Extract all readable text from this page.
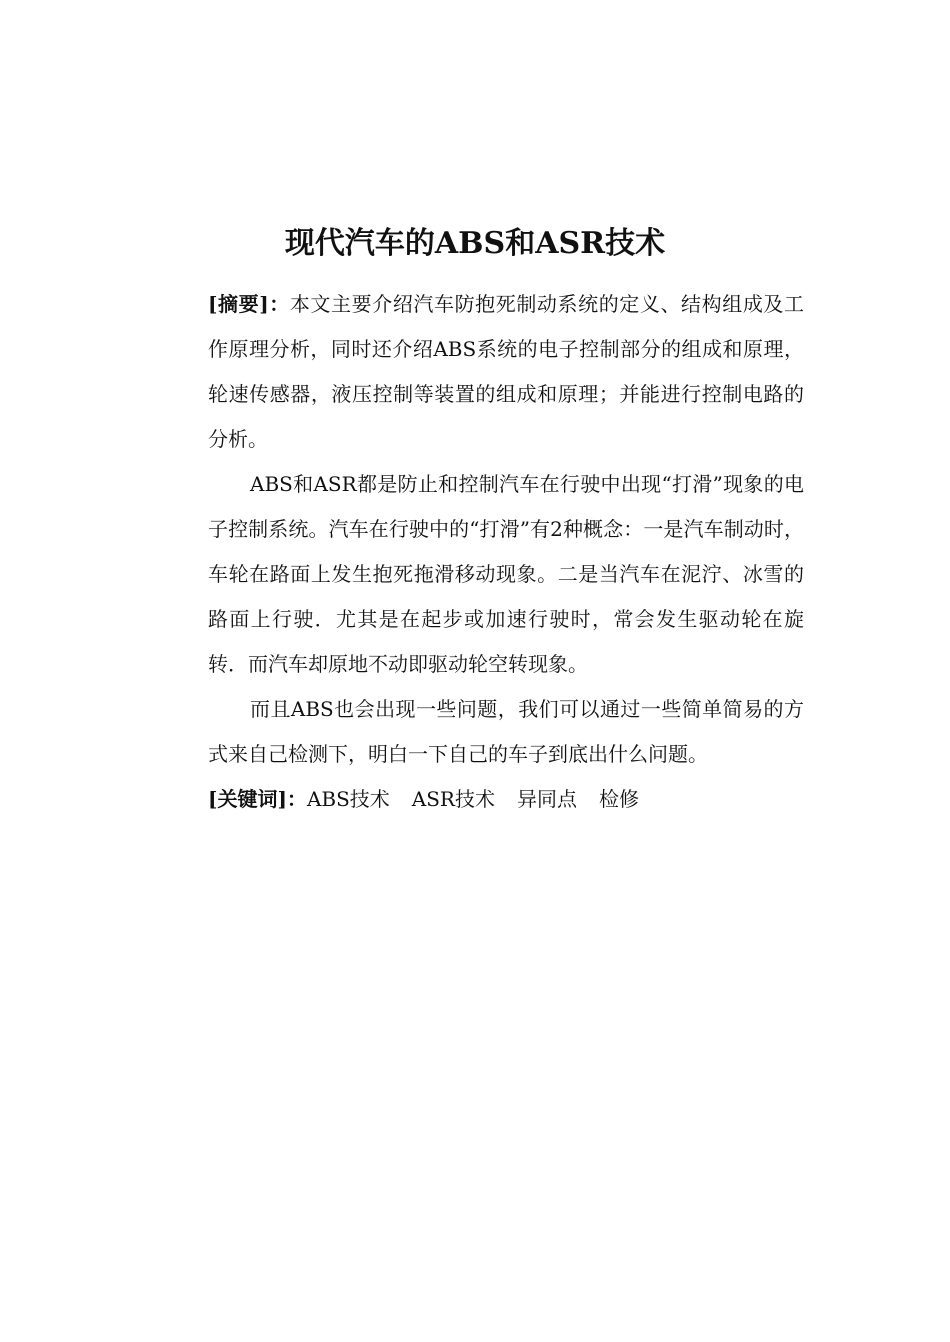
现代汽车的ABS和ASR技术

[摘要]：本文主要介绍汽车防抱死制动系统的定义、结构组成及工作原理分析，同时还介绍ABS系统的电子控制部分的组成和原理，轮速传感器，液压控制等装置的组成和原理；并能进行控制电路的分析。

ABS和ASR都是防止和控制汽车在行驶中出现“打滑”现象的电子控制系统。汽车在行驶中的“打滑”有2种概念：一是汽车制动时，车轮在路面上发生抱死拖滑移动现象。二是当汽车在泥泞、冰雪的路面上行驶．尤其是在起步或加速行驶时，常会发生驱动轮在旋转．而汽车却原地不动即驱动轮空转现象。

而且ABS也会出现一些问题，我们可以通过一些简单简易的方式来自己检测下，明白一下自己的车子到底出什么问题。

[关键词]：ABS技术 ASR技术 异同点 检修
